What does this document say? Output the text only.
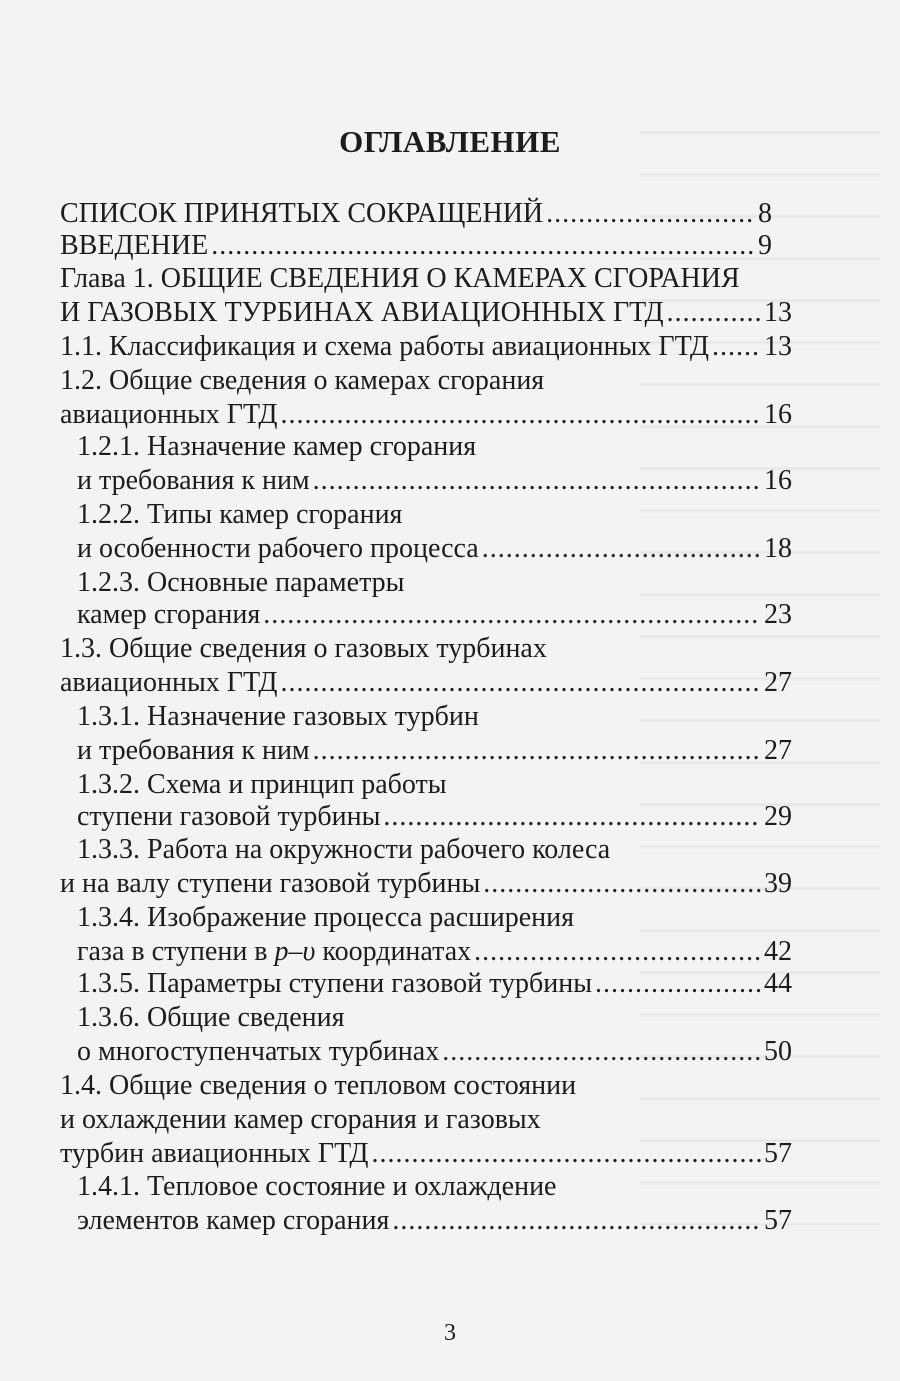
ОГЛАВЛЕНИЕ
СПИСОК ПРИНЯТЫХ СОКРАЩЕНИЙ .....	8
ВВЕДЕНИЕ .....	9
Глава 1. ОБЩИЕ СВЕДЕНИЯ О КАМЕРАХ СГОРАНИЯ
И ГАЗОВЫХ ТУРБИНАХ АВИАЦИОННЫХ ГТД .....	13
1.1. Классификация и схема работы авиационных ГТД ..... 13
1.2. Общие сведения о камерах сгорания
авиационных ГТД .....	16
1.2.1. Назначение камер сгорания
и требования к ним .....	16
1.2.2. Типы камер сгорания
и особенности рабочего процесса .....	18
1.2.3. Основные параметры
камер сгорания .....	23
1.3. Общие сведения о газовых турбинах
авиационных ГТД .....	27
1.3.1. Назначение газовых турбин
и требования к ним .....	27
1.3.2. Схема и принцип работы
ступени газовой турбины .....	29
1.3.3. Работа на окружности рабочего колеса
и на валу ступени газовой турбины .....	39
1.3.4. Изображение процесса расширения
газа в ступени в p–υ координатах .....	42
1.3.5. Параметры ступени газовой турбины .....	44
1.3.6. Общие сведения
о многоступенчатых турбинах .....	50
1.4. Общие сведения о тепловом состоянии
и охлаждении камер сгорания и газовых
турбин авиационных ГТД .....	57
1.4.1. Тепловое состояние и охлаждение
элементов камер сгорания .....	57
3
